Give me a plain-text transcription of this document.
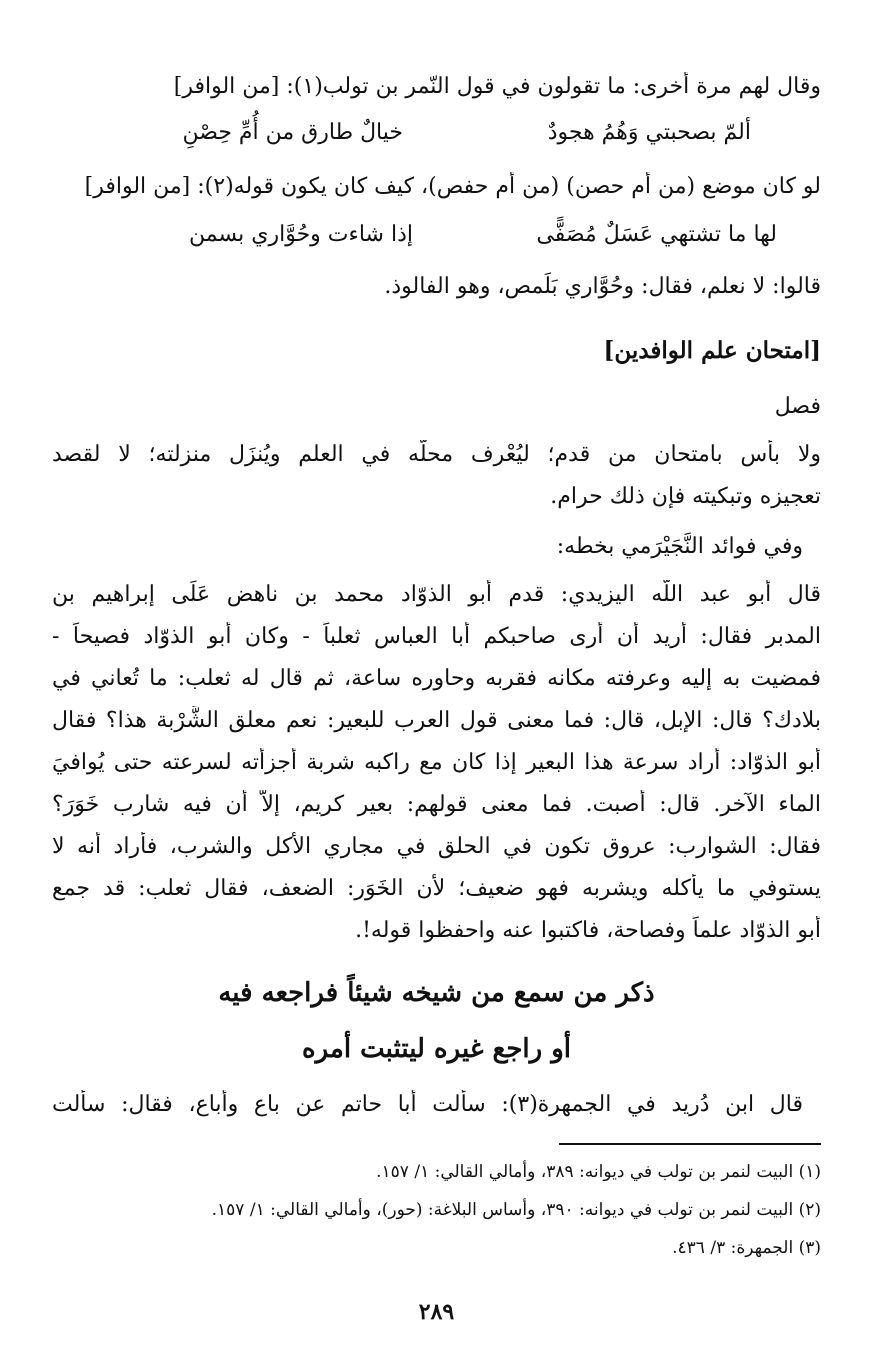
وقال لهم مرة أخرى: ما تقولون في قول النّمر بن تولب(١): [من الوافر]
ألمّ بصحبتي وَهُمُ هجودٌ
خيالٌ طارق من أُمِّ حِصْنِ
لو كان موضع (من أم حصن) (من أم حفص)، كيف كان يكون قوله(٢): [من الوافر]
لها ما تشتهي عَسَلٌ مُصَفًّى
إذا شاءت وحُوَّاري بسمن
قالوا: لا نعلم، فقال: وحُوَّاري بَلَمص، وهو الفالوذ.
[امتحان علم الوافدين]
فصل
ولا بأس بامتحان من قدم؛ ليُعْرف محلُّه في العلم ويُنزَل منزلته؛ لا لقصد
تعجيزه وتبكيته فإن ذلك حرام.
وفي فوائد النَّجَيْرَمي بخطه:
قال أبو عبد اللّه اليزيدي: قدم أبو الذوّاد محمد بن ناهض عَلَى إبراهيم بن
المدبر فقال: أريد أن أرى صاحبكم أبا العباس ثعلباً - وكان أبو الذوّاد فصيحاً -
فمضيت به إليه وعرفته مكانه فقربه وحاوره ساعة، ثم قال له ثعلب: ما تُعاني في
بلادك؟ قال: الإبل، قال: فما معنى قول العرب للبعير: نعم معلق الشَّرْبة هذا؟ فقال
أبو الذوّاد: أراد سرعة هذا البعير إذا كان مع راكبه شربة أجزأته لسرعته حتى يُوافيَ
الماء الآخر. قال: أصبت. فما معنى قولهم: بعير كريم، إلاّ أن فيه شارب خَوَرَ؟
فقال: الشوارب: عروق تكون في الحلق في مجاري الأكل والشرب، فأراد أنه لا
يستوفي ما يأكله ويشربه فهو ضعيف؛ لأن الخَوَر: الضعف، فقال ثعلب: قد جمع
أبو الذوّاد علماً وفصاحة، فاكتبوا عنه واحفظوا قوله!.
ذكر من سمع من شيخه شيئاً فراجعه فيه
أو راجع غيره ليتثبت أمره
قال ابن دُريد في الجمهرة(٣): سألت أبا حاتم عن باع وأباع، فقال: سألت
(١) البيت لنمر بن تولب في ديوانه: ٣٨٩، وأمالي القالي: ١/ ١٥٧.
(٢) البيت لنمر بن تولب في ديوانه: ٣٩٠، وأساس البلاغة: (حور)، وأمالي القالي: ١/ ١٥٧.
(٣) الجمهرة: ٣/ ٤٣٦.
٢٨٩
